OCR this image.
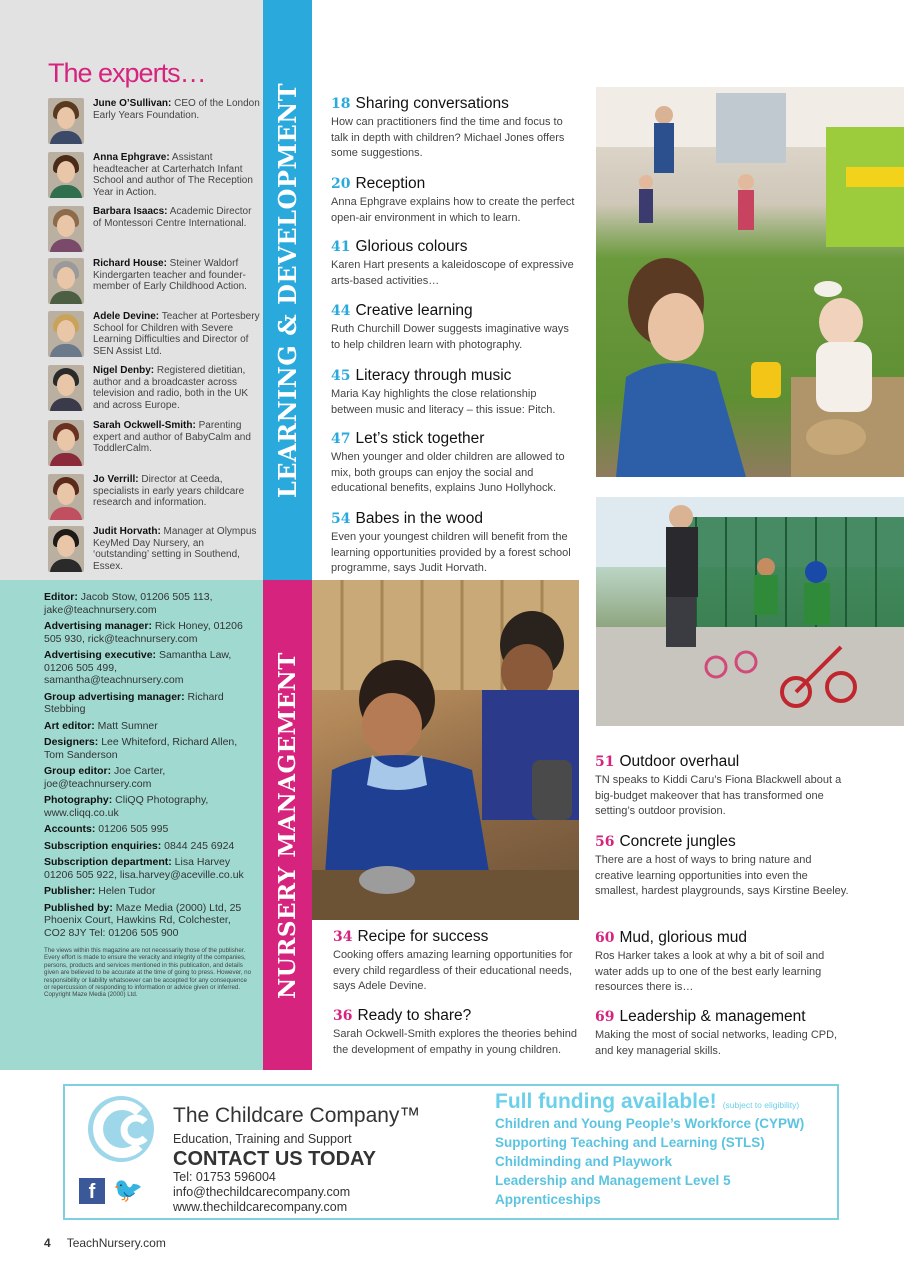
The experts…

June O’Sullivan: CEO of the London Early Years Foundation.

Anna Ephgrave: Assistant headteacher at Carterhatch Infant School and author of The Reception Year in Action.

Barbara Isaacs: Academic Director of Montessori Centre International.

Richard House: Steiner Waldorf Kindergarten teacher and founder-member of Early Childhood Action.

Adele Devine: Teacher at Portesbery School for Children with Severe Learning Difficulties and Director of SEN Assist Ltd.

Nigel Denby: Registered dietitian, author and a broadcaster across television and radio, both in the UK and across Europe.

Sarah Ockwell-Smith: Parenting expert and author of BabyCalm and ToddlerCalm.

Jo Verrill: Director at Ceeda, specialists in early years childcare research and information.

Judit Horvath: Manager at Olympus KeyMed Day Nursery, an ‘outstanding’ setting in Southend, Essex.

Editor: Jacob Stow, 01206 505 113, jake@teachnursery.com
Advertising manager: Rick Honey, 01206 505 930, rick@teachnursery.com
Advertising executive: Samantha Law, 01206 505 499, samantha@teachnursery.com
Group advertising manager: Richard Stebbing
Art editor: Matt Sumner
Designers: Lee Whiteford, Richard Allen, Tom Sanderson
Group editor: Joe Carter, joe@teachnursery.com
Photography: CliQQ Photography, www.cliqq.co.uk
Accounts: 01206 505 995
Subscription enquiries: 0844 245 6924
Subscription department: Lisa Harvey 01206 505 922, lisa.harvey@aceville.co.uk
Publisher: Helen Tudor
Published by: Maze Media (2000) Ltd, 25 Phoenix Court, Hawkins Rd, Colchester, CO2 8JY Tel: 01206 505 900
The views within this magazine are not necessarily those of the publisher. Every effort is made to ensure the veracity and integrity of the companies, persons, products and services mentioned in this publication, and details given are believed to be accurate at the time of going to press. However, no responsibility or liability whatsoever can be accepted for any consequence or repercussion of responding to information or advice given or inferred. Copyright Maze Media (2000) Ltd.
LEARNING & DEVELOPMENT
NURSERY MANAGEMENT
18 Sharing conversations

How can practitioners find the time and focus to talk in depth with children? Michael Jones offers some suggestions.

20 Reception

Anna Ephgrave explains how to create the perfect open-air environment in which to learn.

41 Glorious colours

Karen Hart presents a kaleidoscope of expressive arts-based activities…

44 Creative learning

Ruth Churchill Dower suggests imaginative ways to help children learn with photography.

45 Literacy through music

Maria Kay highlights the close relationship between music and literacy – this issue: Pitch.

47 Let’s stick together

When younger and older children are allowed to mix, both groups can enjoy the social and educational benefits, explains Juno Hollyhock.

54 Babes in the wood

Even your youngest children will benefit from the learning opportunities provided by a forest school programme, says Judit Horvath.

34 Recipe for success

Cooking offers amazing learning opportunities for every child regardless of their educational needs, says Adele Devine.

36 Ready to share?

Sarah Ockwell-Smith explores the theories behind the development of empathy in young children.

51 Outdoor overhaul

TN speaks to Kiddi Caru’s Fiona Blackwell about a big-budget makeover that has transformed one setting’s outdoor provision.

56 Concrete jungles

There are a host of ways to bring nature and creative learning opportunities into even the smallest, hardest playgrounds, says Kirstine Beeley.

60 Mud, glorious mud

Ros Harker takes a look at why a bit of soil and water adds up to one of the best early learning resources there is…

69 Leadership & management

Making the most of social networks, leading CPD, and key managerial skills.

The Childcare Company™
Education, Training and Support
CONTACT US TODAY
Tel: 01753 596004
info@thechildcarecompany.com
www.thechildcarecompany.com
f 🐦
Full funding available! (subject to eligibility)
Children and Young People’s Workforce (CYPW)
Supporting Teaching and Learning (STLS)
Childminding and Playwork
Leadership and Management Level 5
Apprenticeships
4 TeachNursery.com
